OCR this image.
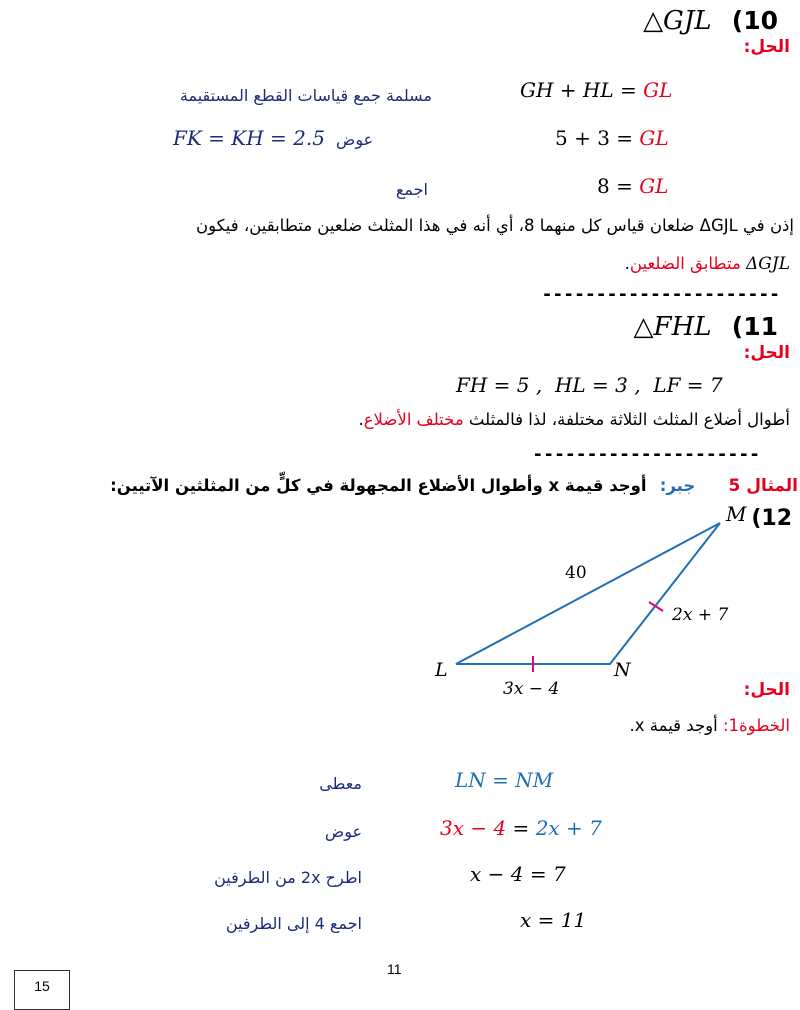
△GJL (10
الحل:
GH + HL = GL
مسلمة جمع قياسات القطع المستقيمة
5 + 3 = GL
FK = KH = 2.5 عوض
8 = GL
اجمع
إذن في ΔGJL ضلعان قياس كل منهما 8، أي أنه في هذا المثلث ضلعين متطابقين، فيكون
ΔGJL متطابق الضلعين.
----------------------
△FHL (11
الحل:
FH = 5 ,  HL = 3 ,  LF = 7
أطوال أضلاع المثلث الثلاثة مختلفة، لذا فالمثلث مختلف الأضلاع.
---------------------
المثال 5 جبر: أوجد قيمة x وأطوال الأضلاع المجهولة في كلٍّ من المثلثين الآتيين:
(12
M
L	N
40
2x + 7
3x − 4	الحل:
الخطوة1: أوجد قيمة x.
LN = NM
معطى
3x − 4 = 2x + 7
عوض
x − 4 = 7
اطرح 2x من الطرفين
x = 11
اجمع 4 إلى الطرفين
11
15
